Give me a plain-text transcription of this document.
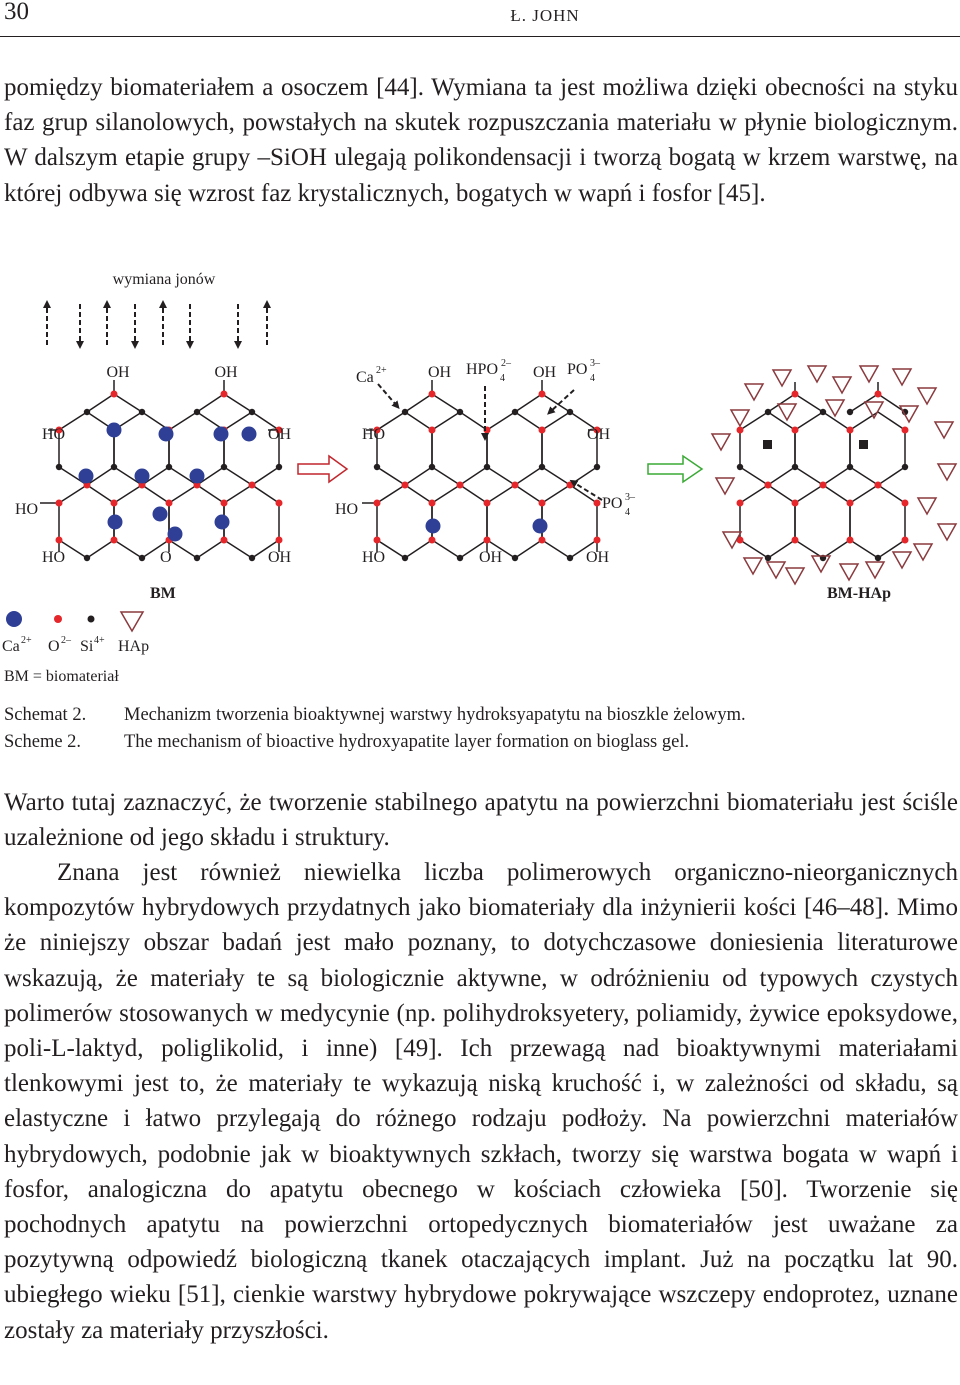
30	Ł. JOHN

pomiędzy biomateriałem a osoczem [44]. Wymiana ta jest możliwa dzięki obecności na styku faz grup silanolowych, powstałych na skutek rozpuszczania materiału w płynie biologicznym. W dalszym etapie grupy –SiOH ulegają polikondensacji i tworzą bogatą w krzem warstwę, na której odbywa się wzrost faz krystalicznych, bogatych w wapń i fosfor [45].

wymiana jonów
OH	OH
HO	OH
HO
HO	O	OH
BM
Ca 2+	OH HPO 2–
4 OH PO 3–
4
HO	OH
HO	PO 3–
4
HO	OH	OH
BM-HAp
Ca 2+ O 2– Si 4+ HAp
BM = biomateriał
Schemat 2.	Mechanizm tworzenia bioaktywnej warstwy hydroksyapatytu na bioszkle żelowym.
Scheme 2.	The mechanism of bioactive hydroxyapatite layer formation on bioglass gel.

Warto tutaj zaznaczyć, że tworzenie stabilnego apatytu na powierzchni biomateriału jest ściśle uzależnione od jego składu i struktury.

Znana jest również niewielka liczba polimerowych organiczno-nieorganicznych kompozytów hybrydowych przydatnych jako biomateriały dla inżynierii kości [46–48]. Mimo że niniejszy obszar badań jest mało poznany, to dotychczasowe doniesienia literaturowe wskazują, że materiały te są biologicznie aktywne, w odróżnieniu od typowych czystych polimerów stosowanych w medycynie (np. polihydroksyetery, poliamidy, żywice epoksydowe, poli-L-laktyd, poliglikolid, i inne) [49]. Ich przewagą nad bioaktywnymi materiałami tlenkowymi jest to, że materiały te wykazują niską kruchość i, w zależności od składu, są elastyczne i łatwo przylegają do różnego rodzaju podłoży. Na powierzchni materiałów hybrydowych, podobnie jak w bioaktywnych szkłach, tworzy się warstwa bogata w wapń i fosfor, analogiczna do apatytu obecnego w kościach człowieka [50]. Tworzenie się pochodnych apatytu na powierzchni ortopedycznych biomateriałów jest uważane za pozytywną odpowiedź biologiczną tkanek otaczających implant. Już na początku lat 90. ubiegłego wieku [51], cienkie warstwy hybrydowe pokrywające wszczepy endoprotez, uznane zostały za materiały przyszłości.
